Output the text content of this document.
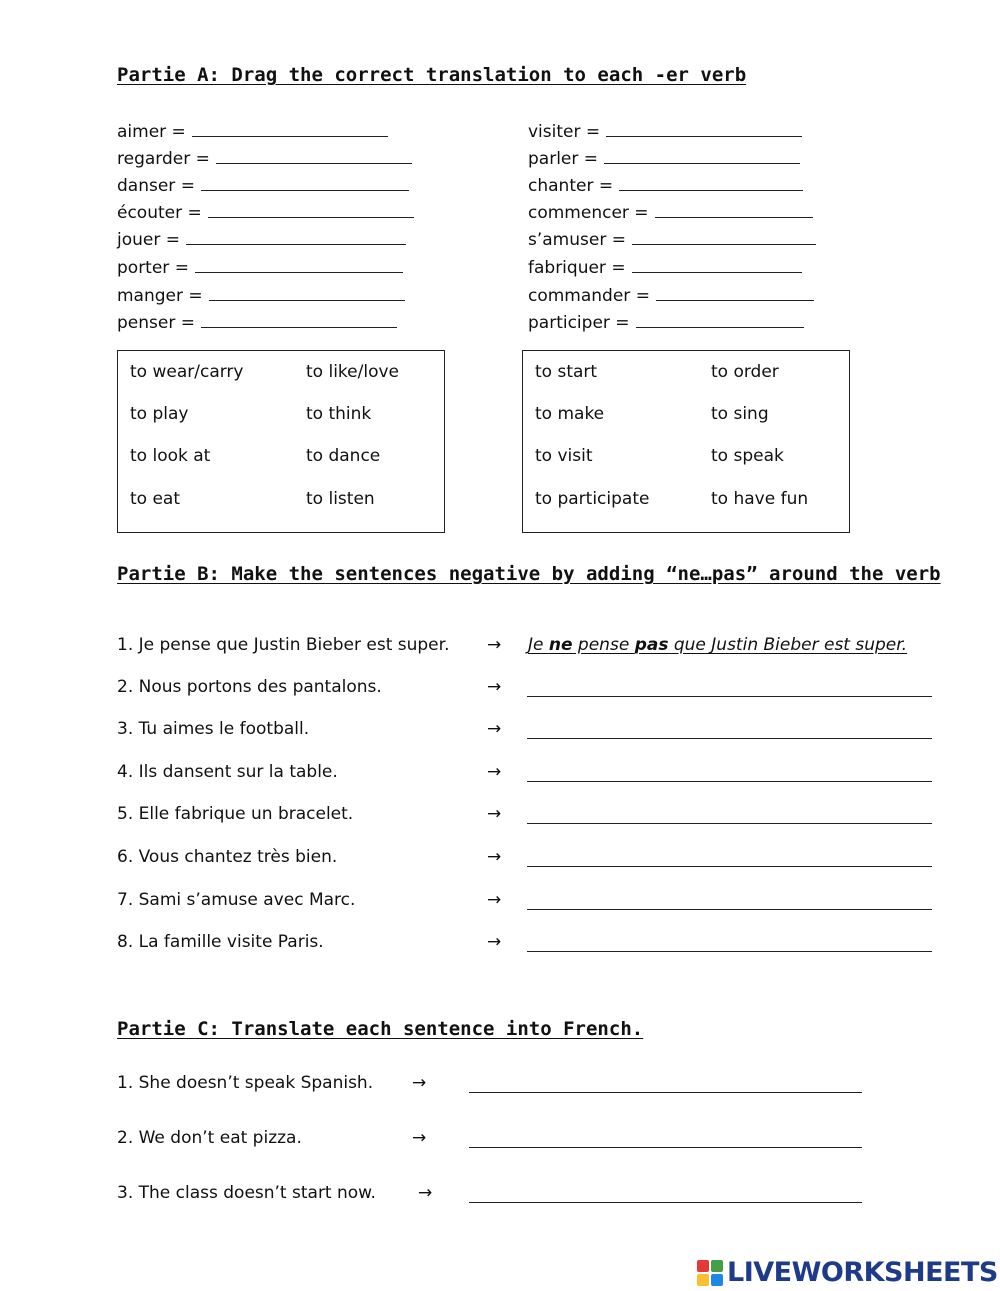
Partie A: Drag the correct translation to each -er verb
aimer =
regarder =
danser =
écouter =
jouer =
porter =
manger =
penser =
visiter =
parler =
chanter =
commencer =
s’amuser =
fabriquer =
commander =
participer =
to wear/carry	to like/love
to play	to think
to look at	to dance
to eat	to listen
to start	to order
to make	to sing
to visit	to speak
to participate	to have fun
Partie B: Make the sentences negative by adding “ne…pas” around the verb
1. Je pense que Justin Bieber est super. → Je ne pense pas que Justin Bieber est super.
2. Nous portons des pantalons.	→
3. Tu aimes le football.	→
4. Ils dansent sur la table.	→
5. Elle fabrique un bracelet.	→
6. Vous chantez très bien.	→
7. Sami s’amuse avec Marc.	→
8. La famille visite Paris.	→
Partie C: Translate each sentence into French.
1. She doesn’t speak Spanish. →
2. We don’t eat pizza.	→
3. The class doesn’t start now. →
LIVEWORKSHEETS
